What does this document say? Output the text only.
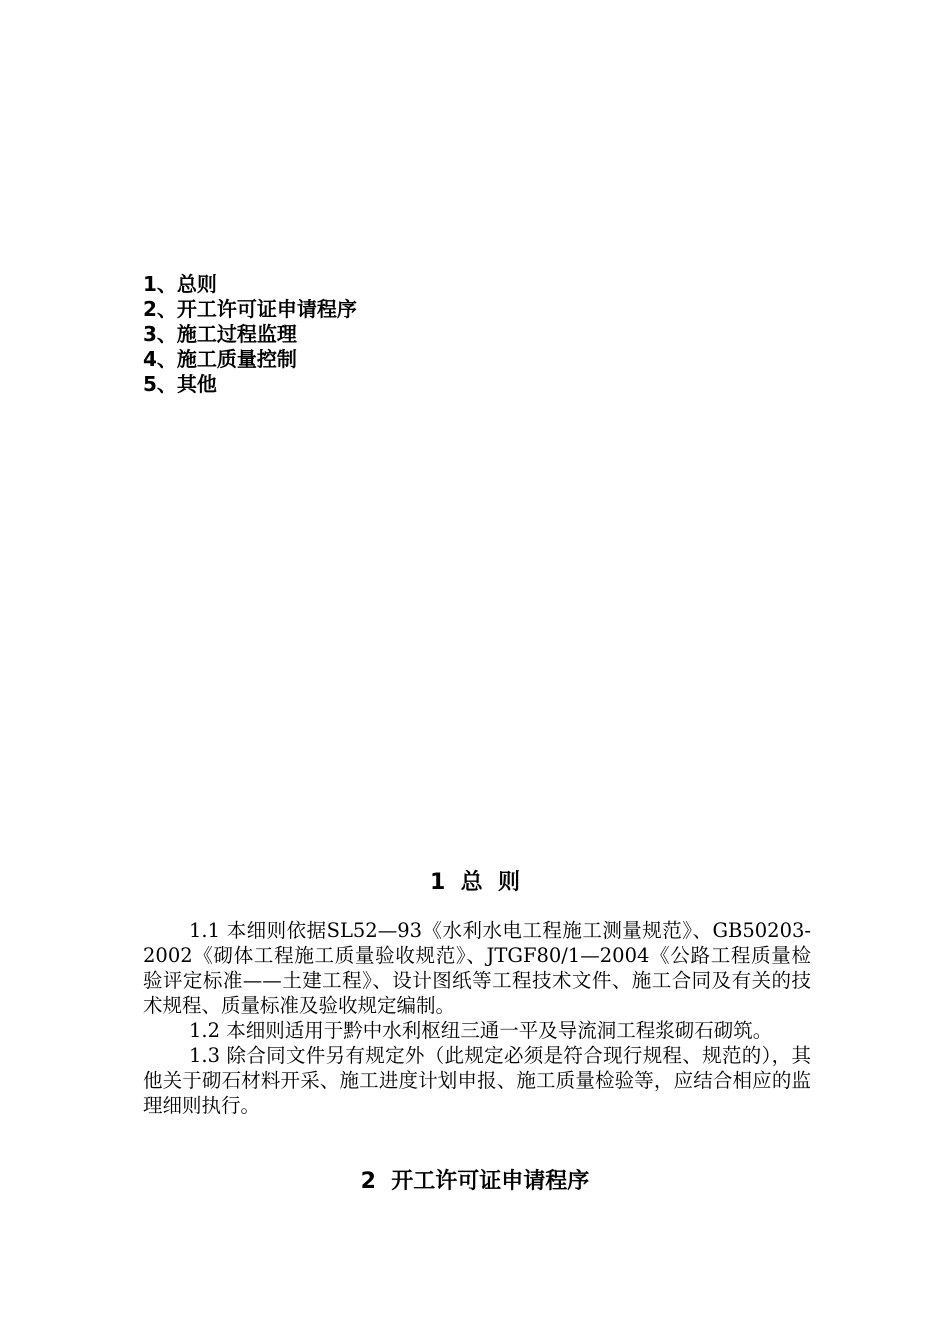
1、总则
2、开工许可证申请程序
3、施工过程监理
4、施工质量控制
5、其他
1  总  则

1.1 本细则依据SL52—93《水利水电工程施工测量规范》、GB50203-2002《砌体工程施工质量验收规范》、JTGF80/1—2004《公路工程质量检验评定标准——土建工程》、设计图纸等工程技术文件、施工合同及有关的技术规程、质量标准及验收规定编制。

1.2 本细则适用于黔中水利枢纽三通一平及导流洞工程浆砌石砌筑。

1.3 除合同文件另有规定外（此规定必须是符合现行规程、规范的），其他关于砌石材料开采、施工进度计划申报、施工质量检验等，应结合相应的监理细则执行。

2  开工许可证申请程序
